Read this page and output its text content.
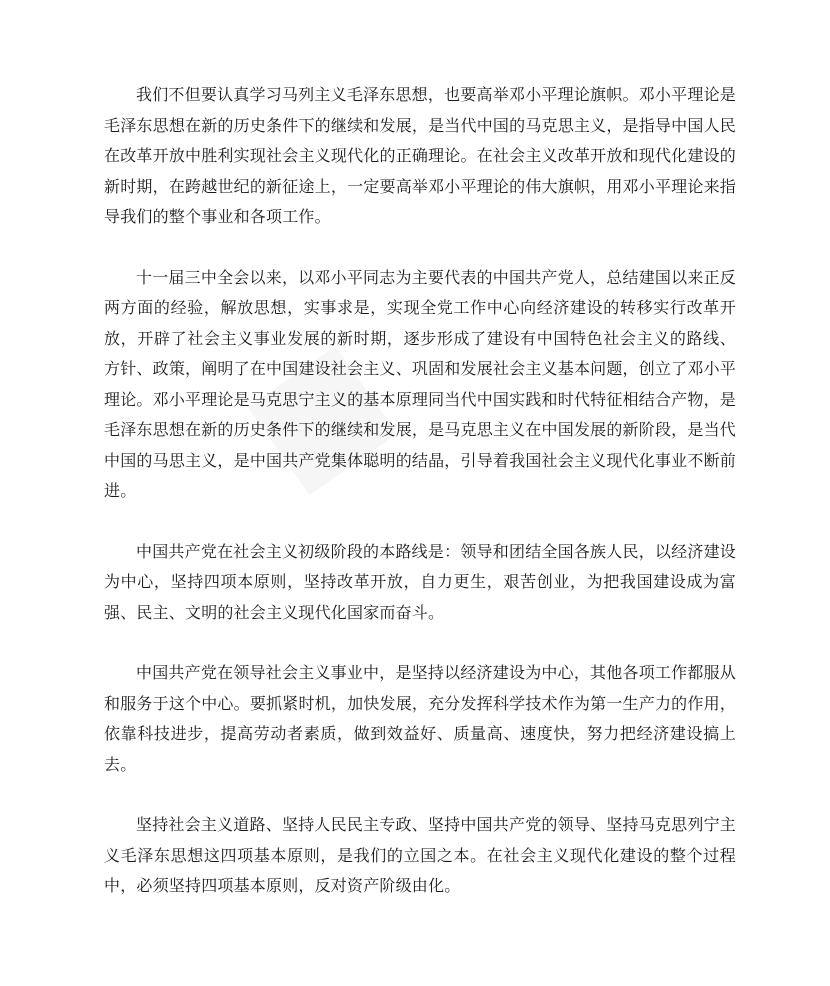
我们不但要认真学习马列主义毛泽东思想，也要高举邓小平理论旗帜。邓小平理论是毛泽东思想在新的历史条件下的继续和发展，是当代中国的马克思主义，是指导中国人民在改革开放中胜利实现社会主义现代化的正确理论。在社会主义改革开放和现代化建设的新时期，在跨越世纪的新征途上，一定要高举邓小平理论的伟大旗帜，用邓小平理论来指导我们的整个事业和各项工作。

十一届三中全会以来，以邓小平同志为主要代表的中国共产党人，总结建国以来正反两方面的经验，解放思想，实事求是，实现全党工作中心向经济建设的转移实行改革开放，开辟了社会主义事业发展的新时期，逐步形成了建设有中国特色社会主义的路线、 方针、政策，阐明了在中国建设社会主义、巩固和发展社会主义基本问题，创立了邓小平理论。邓小平理论是马克思宁主义的基本原理同当代中国实践和时代特征相结合产物，是毛泽东思想在新的历史条件下的继续和发展，是马克思主义在中国发展的新阶段，是当代中国的马思主义，是中国共产党集体聪明的结晶，引导着我国社会主义现代化事业不断前进。

中国共产党在社会主义初级阶段的本路线是：领导和团结全国各族人民，以经济建设为中心，坚持四项本原则，坚持改革开放，自力更生，艰苦创业，为把我国建设成为富强、民主、文明的社会主义现代化国家而奋斗。

中国共产党在领导社会主义事业中，是坚持以经济建设为中心，其他各项工作都服从和服务于这个中心。要抓紧时机，加快发展，充分发挥科学技术作为第一生产力的作用，依靠科技进步，提高劳动者素质，做到效益好、质量高、速度快，努力把经济建设搞上去。

坚持社会主义道路、坚持人民民主专政、坚持中国共产党的领导、坚持马克思列宁主义毛泽东思想这四项基本原则，是我们的立国之本。在社会主义现代化建设的整个过程中，必须坚持四项基本原则，反对资产阶级由化。
